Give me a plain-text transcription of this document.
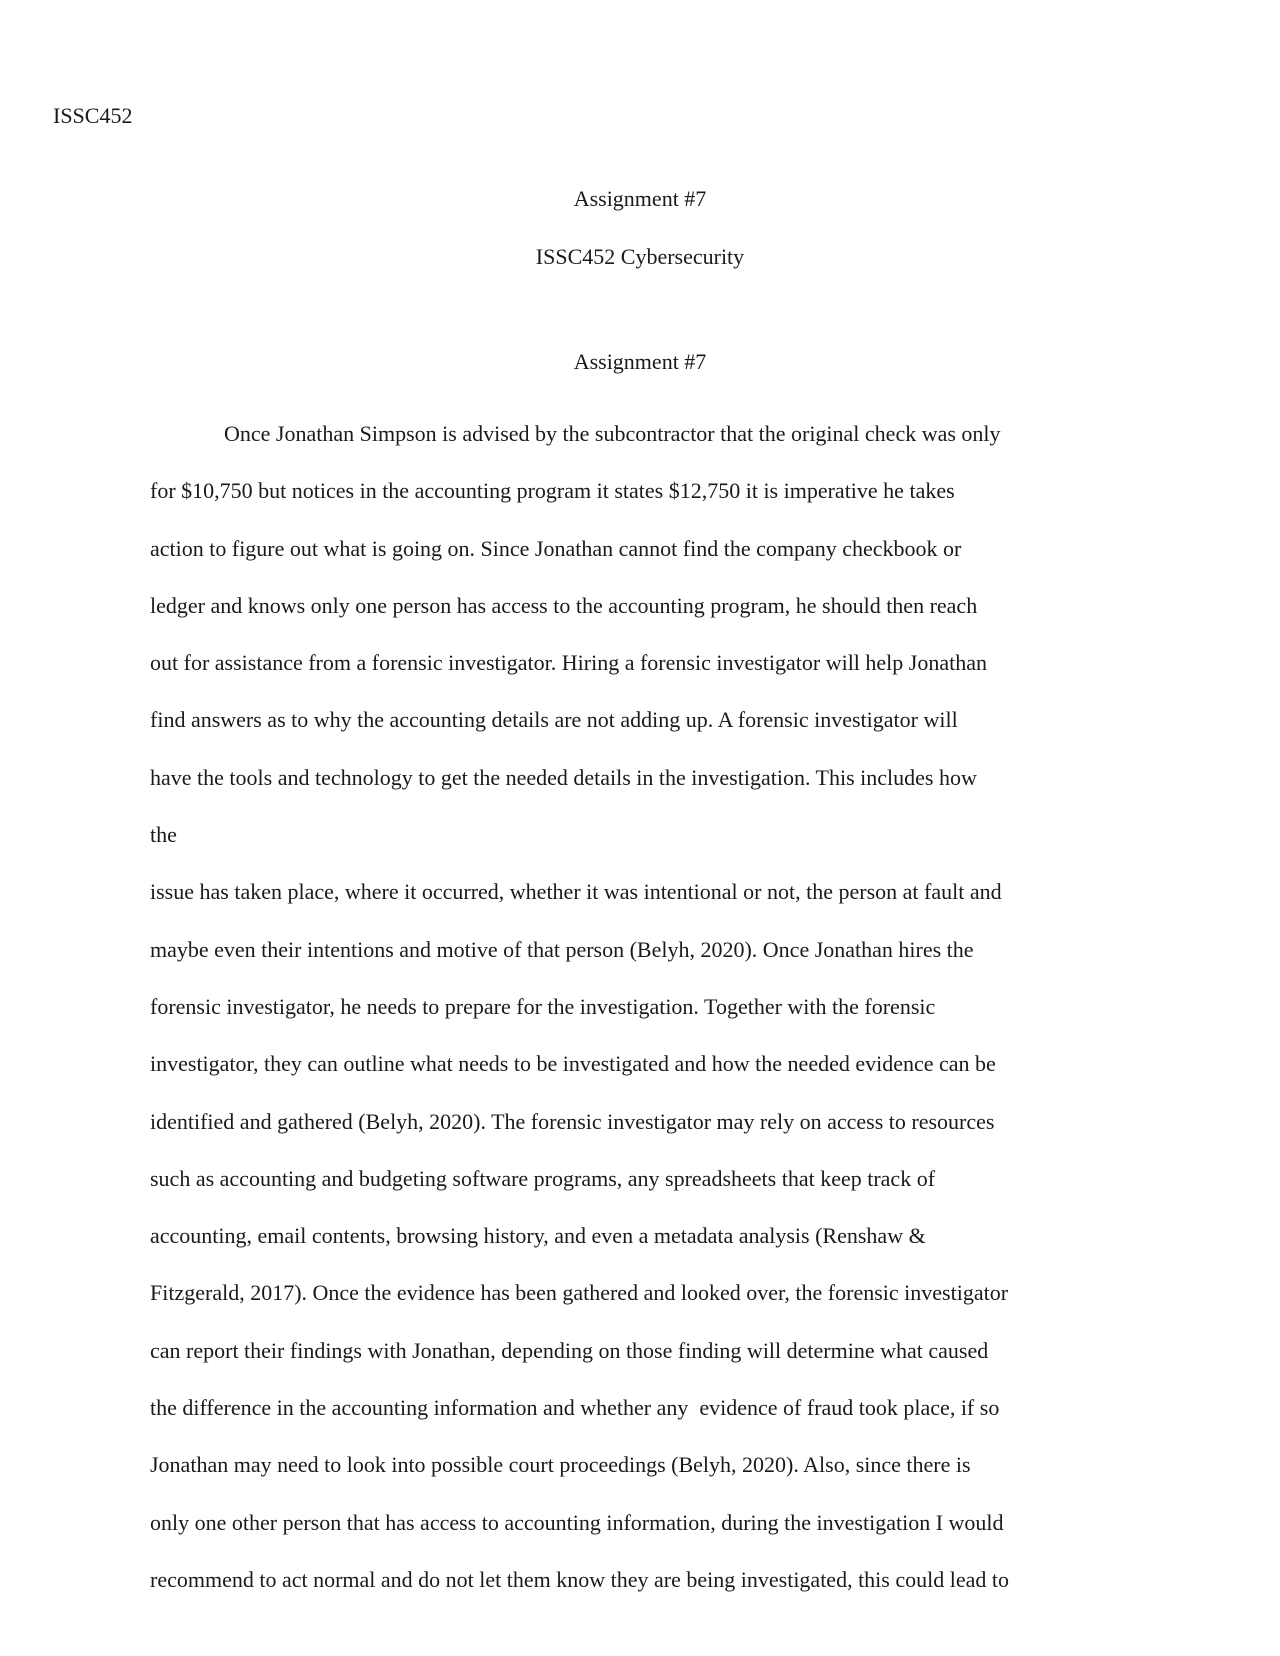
ISSC452
Assignment #7
ISSC452 Cybersecurity
Assignment #7
Once Jonathan Simpson is advised by the subcontractor that the original check was only
for $10,750 but notices in the accounting program it states $12,750 it is imperative he takes
action to figure out what is going on. Since Jonathan cannot find the company checkbook or
ledger and knows only one person has access to the accounting program, he should then reach
out for assistance from a forensic investigator. Hiring a forensic investigator will help Jonathan
find answers as to why the accounting details are not adding up. A forensic investigator will
have the tools and technology to get the needed details in the investigation. This includes how
the
issue has taken place, where it occurred, whether it was intentional or not, the person at fault and
maybe even their intentions and motive of that person (Belyh, 2020). Once Jonathan hires the
forensic investigator, he needs to prepare for the investigation. Together with the forensic
investigator, they can outline what needs to be investigated and how the needed evidence can be
identified and gathered (Belyh, 2020). The forensic investigator may rely on access to resources
such as accounting and budgeting software programs, any spreadsheets that keep track of
accounting, email contents, browsing history, and even a metadata analysis (Renshaw &
Fitzgerald, 2017). Once the evidence has been gathered and looked over, the forensic investigator
can report their findings with Jonathan, depending on those finding will determine what caused
the difference in the accounting information and whether any  evidence of fraud took place, if so
Jonathan may need to look into possible court proceedings (Belyh, 2020). Also, since there is
only one other person that has access to accounting information, during the investigation I would
recommend to act normal and do not let them know they are being investigated, this could lead to
